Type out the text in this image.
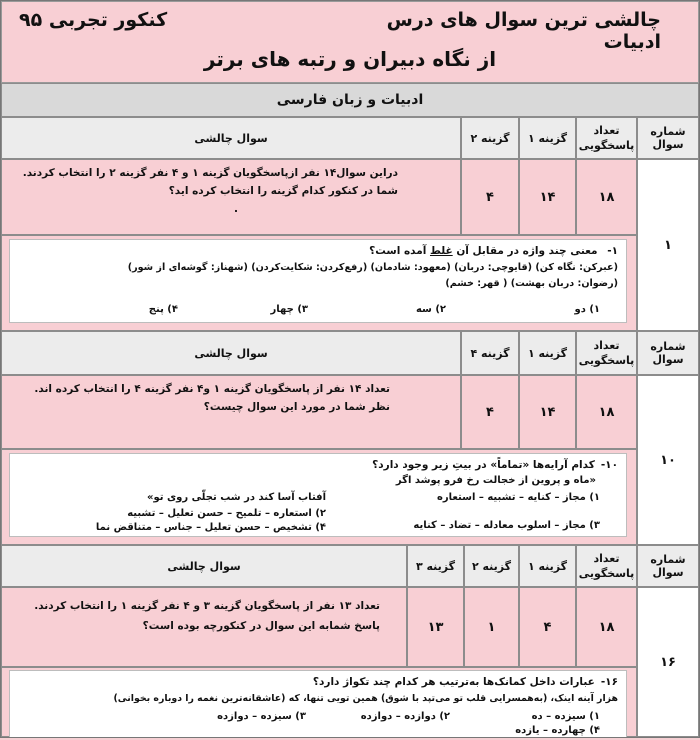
چالشی ترین سوال های درس ادبیات
کنکور تجربی ۹۵
از نگاه دبیران و رتبه های برتر
ادبیات و زبان فارسی
شماره سوال
تعداد
پاسخگویی
گزینه ۱
گزینه ۲
سوال چالشی
۱
۱۸
۱۴
۴
دراین سوال۱۴ نفر ازپاسخگویان گزینه ۱ و ۴ نفر گزینه ۲ را انتخاب کردند.
شما در کنکور کدام گزینه را انتخاب کرده اید؟
.
۱- معنی چند واژه در مقابل آن غلط آمده است؟
(عبرکن: نگاه کن) (قایوچی: دربان) (معهود: شادمان) (رفع‌کردن: شکایت‌کردن) (شهناز: گوشه‌ای از شور)
(رضوان: دربان بهشت) ( قهر: خشم)
۱) دو
۲) سه
۳) چهار
۴) پنج
شماره سوال
تعداد
پاسخگویی
گزینه ۱
گزینه ۴
سوال چالشی
۱۰
۱۸
۱۴
۴
تعداد ۱۴ نفر از پاسخگویان گزینه ۱ و۴ نفر گزینه ۴ را انتخاب کرده اند.
نظر شما در مورد این سوال چیست؟
۱۰-کدام آرایه‌ها «تماماً» در بیتِ زیر وجود دارد؟
«ماه و پروین از خجالت رخ فرو پوشد اگر
آفتاب آسا کند در شب تجلّی روی تو»	۱) مجاز – کنایه – تشبیه – استعاره
۲) استعاره – تلمیح – حسن تعلیل – تشبیه
۳) مجاز – اسلوب معادله – تضاد – کنایه
۴) تشخیص – حسن تعلیل – جناس – متناقض نما
شماره سوال
تعداد
پاسخگویی
گزینه ۱
گزینه ۲
گزینه ۳
سوال چالشی
۱۶
۱۸
۴
۱
۱۳
تعداد ۱۳ نفر از پاسخگویان گزینه ۳ و ۴ نفر گزینه ۱ را انتخاب کردند.
پاسخ شمابه این سوال در کنکورچه بوده است؟
۱۶-عبارات داخل کمانک‌ها به‌ترتیب هر کدام چند تکواژ دارد؟
هزار آینه اینک، (به‌همسرایی قلب تو می‌تپد با شوق) همین تویی تنها، که (عاشقانه‌ترین نغمه را دوباره بخوانی)
۱) سیزده – ده
۲) دوازده – دوازده
۳) سیزده – دوازده
۴) چهارده – یازده
